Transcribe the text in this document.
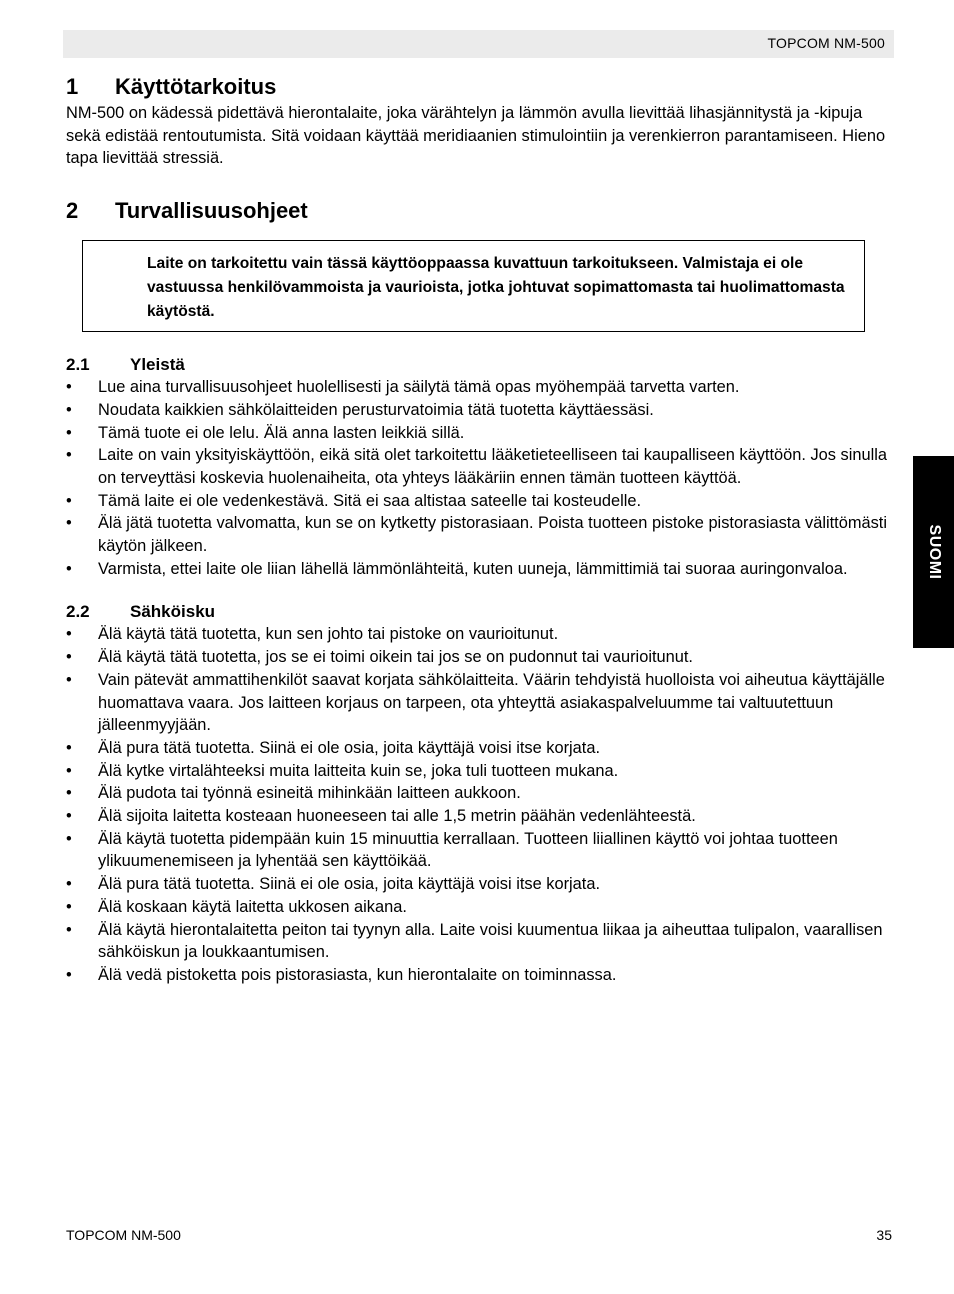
TOPCOM NM-500
1	Käyttötarkoitus

NM-500 on kädessä pidettävä hierontalaite, joka värähtelyn ja lämmön avulla lievittää lihasjännitystä ja -kipuja sekä edistää rentoutumista. Sitä voidaan käyttää meridiaanien stimulointiin ja verenkierron parantamiseen. Hieno tapa lievittää stressiä.

2	Turvallisuusohjeet
Laite on tarkoitettu vain tässä käyttöoppaassa kuvattuun tarkoitukseen. Valmistaja ei ole vastuussa henkilövammoista ja vaurioista, jotka johtuvat sopimattomasta tai huolimattomasta käytöstä.
2.1	Yleistä
• Lue aina turvallisuusohjeet huolellisesti ja säilytä tämä opas myöhempää tarvetta varten.
• Noudata kaikkien sähkölaitteiden perusturvatoimia tätä tuotetta käyttäessäsi.
• Tämä tuote ei ole lelu. Älä anna lasten leikkiä sillä.
• Laite on vain yksityiskäyttöön, eikä sitä olet tarkoitettu lääketieteelliseen tai kaupalliseen käyttöön. Jos sinulla on terveyttäsi koskevia huolenaiheita, ota yhteys lääkäriin ennen tämän tuotteen käyttöä.
• Tämä laite ei ole vedenkestävä. Sitä ei saa altistaa sateelle tai kosteudelle.
• Älä jätä tuotetta valvomatta, kun se on kytketty pistorasiaan. Poista tuotteen pistoke pistorasiasta välittömästi käytön jälkeen.
• Varmista, ettei laite ole liian lähellä lämmönlähteitä, kuten uuneja, lämmittimiä tai suoraa auringonvaloa.
2.2	Sähköisku
• Älä käytä tätä tuotetta, kun sen johto tai pistoke on vaurioitunut.
• Älä käytä tätä tuotetta, jos se ei toimi oikein tai jos se on pudonnut tai vaurioitunut.
• Vain pätevät ammattihenkilöt saavat korjata sähkölaitteita. Väärin tehdyistä huolloista voi aiheutua käyttäjälle huomattava vaara. Jos laitteen korjaus on tarpeen, ota yhteyttä asiakaspalveluumme tai valtuutettuun jälleenmyyjään.
• Älä pura tätä tuotetta. Siinä ei ole osia, joita käyttäjä voisi itse korjata.
• Älä kytke virtalähteeksi muita laitteita kuin se, joka tuli tuotteen mukana.
• Älä pudota tai työnnä esineitä mihinkään laitteen aukkoon.
• Älä sijoita laitetta kosteaan huoneeseen tai alle 1,5 metrin päähän vedenlähteestä.
• Älä käytä tuotetta pidempään kuin 15 minuuttia kerrallaan. Tuotteen liiallinen käyttö voi johtaa tuotteen ylikuumenemiseen ja lyhentää sen käyttöikää.
• Älä pura tätä tuotetta. Siinä ei ole osia, joita käyttäjä voisi itse korjata.
• Älä koskaan käytä laitetta ukkosen aikana.
• Älä käytä hierontalaitetta peiton tai tyynyn alla. Laite voisi kuumentua liikaa ja aiheuttaa tulipalon, vaarallisen sähköiskun ja loukkaantumisen.
• Älä vedä pistoketta pois pistorasiasta, kun hierontalaite on toiminnassa.
SUOMI
TOPCOM NM-500	35
